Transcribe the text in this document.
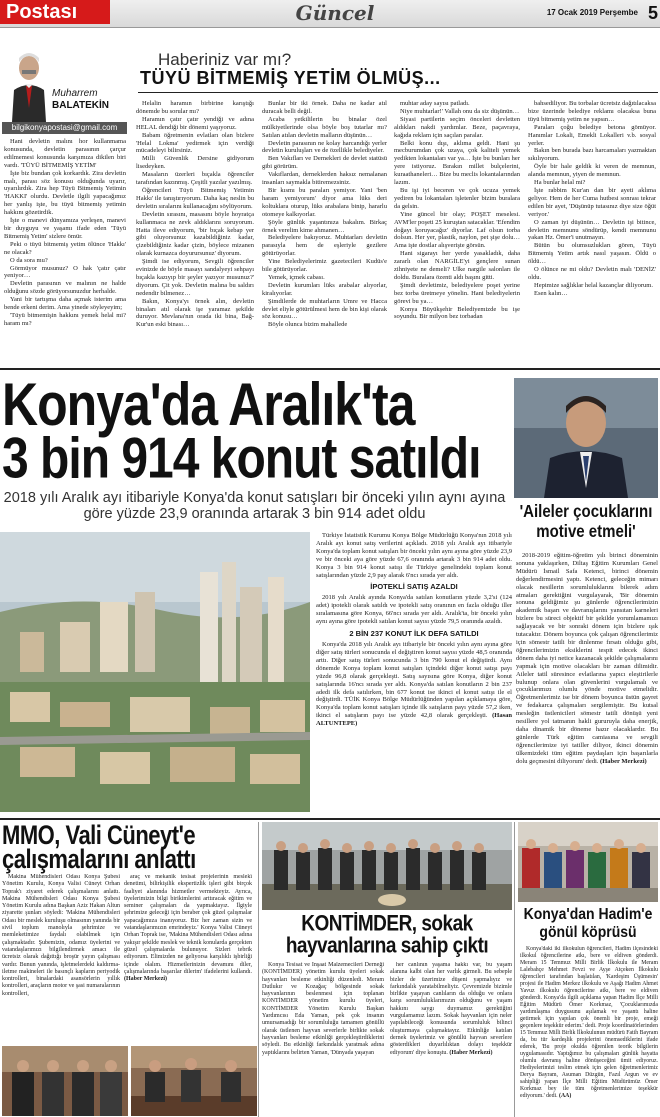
Postası	Güncel	17 Ocak 2019 Perşembe 5
Muharrem
BALATEKİN
bilgikonyapostasi@gmail.com
Haberiniz var mı?
TÜYÜ BİTMEMİŞ YETİM ÖLMÜŞ...

Hani devletin malını hor kullanmama konusunda, devletin parasının çarçur edilmemesi konusunda karşımıza dikilen biri vardı. 'TÜYÜ BİTMEMİŞ YETİM'

İşte biz bundan çok korkardık. Zira devletin malı, parası söz konusu olduğunda uyarır, uyarılırdık. Zira hep Tüyü Bitmemiş Yetimin 'HAKKI' olurdu. Devletle ilgili yapacağımız her yanlış işte, bu tüyü bitmemiş yetimin hakkını gözetirdik.

İşte o manevi dünyamıza yerleşen, manevi bir duyguyu ve yaşamı ifade eden 'Tüyü Bitmemiş Yetim' sizlere ömür.

Peki o tüyü bitmemiş yetim ölünce 'Hakkı' ne olacak?

O da sora mu?

Görmüyor musunuz? O hak 'çatır çatır yeniyor…

Devletin parasının ve malının ne halde olduğunu sözde görüyorsunuzdur herhalde.

Yani bir tartışma daha açmak isterim ama bende erkeni derim. Ama yinede söyleyeyim;

'Tüyü bitmemişin hakkını yemek helal mi? haram mı?

Helalin haramın birbirine karıştığı dönemde bu sorular mı?

Haramın çatır çatır yendiği ve adına HELAL dendiği bir dönemi yaşıyoruz.

Babam öğretmenin evlatları olan bizlere 'Helal Lokma' yedirmek için verdiği mücadeleyi bilirsiniz.

Milli Güvenlik Dersine gidiyorum lisedeyken.

Masaların üzerleri bıçakla öğrenciler tarafından kazınmış. Çeşitli yazılar yazılmış.

Öğrencileri Tüyü Bitmemiş Yetimin Hakkı' ile tanıştırıyorum. Daha kaç neslin bu devletin sıralarını kullanacağını söylüyorum.

Devletin sırasını, masasını böyle hoyratça kullanmaca ne zevk aldıklarını soruyorum. Hatta ileve ediyorum, 'bir bıçak kebap yer gibi oluyorsunuz kazabildiğiniz kadar, çizebildiğiniz kadar çizin, böylece mizanen olarak kurnazca doyurursunuz' diyorum.

Şimdi ise ediyorum, Sevgili öğrenciler evinizde de böyle masayı sandalyeyi sehpayı bıçakla kazıyıp bir şeyler yazıyor musunuz?' diyorum. Çit yok. Devletin malına bu saldırı nedendir bilmenez…

Bakın, Konya'yı örnek alın, devletin binaları atıl olarak işe yaramaz şekilde duruyor. Mevlana'nın orada iki bina, Bağ-Kur'un eski binası…

Bunlar bir iki örnek. Daha ne kadar atıl duracak belli değil.

Acaba yetkililerin bu binalar özel mülkiyetlerinde olsa böyle boş tutarlar mı? Satılan atılan devletin malların düşünün…

Devletin parasının ne kolay harcandığı yerler devletin kuruluşları ve de özellikle belediyeler.

Ben Vakıfları ve Dernekleri de devlet statüsü gibi görürüm.

Vakıflardan, derneklerden haksız nemalanan insanları saymakla bitiremezsiniz.

Bir kısmı bu paraları yemiyor. Yani 'ben haram yemiyorum' diyor ama lüks deri koltuklara oturup, lüks arabalara binip, hararlu otomeye kalkıyorlar.

Şöyle günlük yaşantınıza bakalım. Birkaç örnek verelim kime ahmanen…

Belediyelere bakıyoruz. Muhtarları devletin parasıyla hem de eşleriyle gezilere götürüyorlar.

Yine Belediyelerimiz gazetecileri Kudüs'e bile götürüyorlar.

Yemek, içmek cabası.

Devletin kurumları lüks arabalar alıyorlar, kiralıyorlar.

Şimdilerde de muhtarların Umre ve Hacca devlet eliyle götürülmesi hem de bin kişi olarak söz konusu…

Böyle olunca bizim mahallede

muhtar aday sayısı patladı.

Niye muhtarlar!' Vallah onu da siz düşünün…

Siyasi partilerin seçim önceleri devletten aldıkları nakdi yardımlar. Beze, paçavraya, kağıda reklam için saçılan paralar.

Belki konu dışı, aklıma geldi. Hani şu mecburumdan çok uzaya, çok kaliteli yemek yedikten lokantaları var ya… İşte bu bunları her yere istiyoruz. Bırakın millet bulçelerini, kuraathaneleri… Bize bu meclis lokantalarından lazım.

Bu işi iyi beceren ve çok ucuza yemek yediren bu lokantaları işletenler bizim buralara da gelsin.

Yine güncel bir olay; POŞET meselesi. AVM'ler poşeti 25 kuruştan satacaklar. 'Efendim doğayı koruyacağız' diyorlar. Laf olsun torba dolsun. Her yer, plastik, naylon, pet şişe dolu… Ama işte dostlar alışverişte görsün.

Hani sigarayı her yerde yasakladık, daha zararlı olan NARGİLE'yi gençlere sunan zihniyete ne demeli? Ulke nargile salonları ile doldu. Buralara özenti aldı başını gitti.

Şimdi devletimiz, belediyelere poşet yerine bez torba üretmeye yönelin. Hani belediyelerin görevi bu ya…

Konya Büyükşehir Belediyemizde bu işe soyundu. Bir milyon bez torbadan

bahsediliyor. Bu torbalar ücretsiz dağıtılacaksa bize üzerinde belediye reklamı olacaksa buna tüyü bitmemiş yetim ne yapsın…

Paraları çoğu belediye betona gömüyor. Hanımlar Lokali, Emekli Lokalleri v.b. sosyal yerler.

Bakın ben burada bazı harcamaları yazmaktan sıkılıyorum.

Öyle bir hale geldik ki veren de memnun, alanda memnun, yiyen de memnun.

Ha bunlar helal mi?

İşte rabbim Kur'an dan bir ayeti aklıma geliyor. Hem de her Cuma hutbesi sonrası tekrar edilen bir ayet, 'Düşünüp tutasınız diye size öğüt veriyor.'

O zaman iyi düşünün… Devletin işi bitince, devletin memnunu söndürüp, kendi memnunu yakan Hz. Ömer'i unutmayın.

Bütün bu olumsuzlukları gören, Tüyü Bitmemiş Yetim artık nasıl yaşasın. Öldü o öldü…

O ölünce ne mi oldu? Devletin malı 'DENİZ' oldu.

Hepimize sağlıklar helal kazançlar diliyorum.

Esen kalın…

Konya'da Aralık'ta
3 bin 914 konut satıldı
2018 yılı Aralık ayı itibariyle Konya'da konut satışları bir önceki yılın aynı ayına göre yüzde 23,9 oranında artarak 3 bin 914 adet oldu

Türkiye İstatistik Kurumu Konya Bölge Müdürlüğü Konya'nın 2018 yılı Aralık ayı konut satış verilerini açıkladı. 2018 yılı Aralık ayı itibariyle Konya'da toplam konut satışları bir önceki yılın aynı ayına göre yüzde 23,9 ve bir önceki aya göre yüzde 67,6 oranında artarak 3 bin 914 adet oldu. Konya 3 bin 914 konut satışı ile Türkiye genelindeki toplam konut satışlarından yüzde 2,9 pay alarak 6'ncı sırada yer aldı.

İPOTEKLİ SATIŞ AZALDI

2018 yılı Aralık ayında Konya'da satılan konutların yüzde 3,2'si (124 adet) ipotekli olarak satıldı ve ipotekli satış oranının en fazla olduğu iller sıralamasına göre Konya, 66'ncı sırada yer aldı. Aralık'ta, bir önceki yılın aynı ayına göre ipotekli satılan konut sayısı yüzde 79,5 oranında azaldı.

2 BİN 237 KONUT İLK DEFA SATILDI

Konya'da 2018 yılı Aralık ayı itibariyle bir önceki yılın aynı ayına göre diğer satış türleri sonucunda el değiştiren konut sayısı yüzde 48,5 oranında arttı. Diğer satış türleri sonucunda 3 bin 790 konut el değiştirdi. Aynı dönemde Konya toplam konut satışları içindeki diğer konut satışı payı yüzde 96,8 olarak gerçekleşti. Satış sayısına göre Konya, diğer konut satışlarında 16'ncı sırada yer aldı. Konya'da satılan konutların 2 bin 237 adedi ilk defa satılırken, bin 677 konut ise ikinci el konut satışı ile el değiştirdi. TÜİK Konya Bölge Müdürlüğünden yapılan açıklamaya göre, Konya'da toplam konut satışları içinde ilk satışların payı yüzde 57,2 iken, ikinci el satışların payı ise yüzde 42,8 olarak gerçekleşti. (Hasan ALTUNTEPE)

'Aileler çocuklarını
motive etmeli'

2018-2019 eğitim-öğretim yılı birinci döneminin sonuna yaklaşırken, Diltaş Eğitim Kurumları Genel Müdürü İsmail Safa Ketenci, birinci dönemin değerlendirmesini yaptı. Ketenci, geleceğin mimarı olacak nesillerin sorumluluklarını bilerek adım atmaları gerektiğini vurgulayarak, 'Bir dönemin sonuna geldiğimiz şu günlerde öğrencilerimizin akademik başarı ve davranışlarını yansıtan karneleri bizlere bu süreci objektif bir şekilde yorumlamamızı sağlayacak ve bir sonraki dönem için bizlere ışık tutacaktır. Dönem boyunca çok çalışan öğrencilerimiz için sömestr tatili bir dinlenme fırsatı olduğu gibi, öğrencilerimizin eksiklerini tespit edecek ikinci dönem daha iyi netice kazanacak şekilde çalışmalarını yapmak için motive olacakları bir zaman dilimidir. Aileler tatil süresince evlatlarına yapıcı eleştirilerle bulunup onlara olan güvenlerini vurgulamalı ve çocuklarımızı olumlu yönde motive etmelidir. Öğretmenlerimiz ise bir dönem boyunca üstün gayret ve fedakarca çalışmaları sergilemiştir. Bu kutsal mesleğin üstlenicileri sömestr tatili dönüşü yeni nesillere yol tatmanın hakli gururuyla daha enerjik, daha dinamik bir döneme hazır olacaklardır. Bu günlerde Türk eğitim camiasına ve sevgili öğrencilerimize iyi tatiller diliyor, ikinci dönemin ülkemizdeki tüm eğitim paydaşları için başarılarla dolu geçmesini diliyorum' dedi. (Haber Merkezi)

MMO, Vali Cüneyt'e
çalışmalarını anlattı

Makina Mühendisleri Odası Konya Şubesi Yönetim Kurulu, Konya Valisi Cüneyt Orhan Toprak'ı ziyaret ederek çalışmalarını anlattı. Makina Mühendisleri Odası Konya Şubesi Yönetim Kurulu adına Başkan Aziz Hakan Altun ziyarette şunları söyledi: 'Makina Mühendisleri Odası bir meslek kuruluşu olmasının yanında bir sivil toplum manolıyla şehrimize ve memleketimize faydalı olabilmek için çalışmaktadır. Şubemizin, odamız üyelerini ve vatandaşlarımızı bilgilendirmek amacı ile ücretsiz olarak dağıttığı broşür yayın çalışması vardır. Bunun yanında, işletmelerdeki kaldırma-iletme makineleri ile basınçlı kapların periyodik kontrolleri, binalardaki asansörlerin yıllık kontrolleri, araçların motor ve şasi numaralarının kontrolleri,

araç ve mekanik tesisat projelerinin meslekî denetimi, bilirkişilik ekspertizlik işleri gibi birçok faaliyet alanında hizmetler vermekteyiz. Ayrıca, üyelerimizin bilgi birikimlerini arttıracak eğitim ve seminer çalışmaları da yapmaktayız. İlgiyle şehrimize geleceği için beraber çok güzel çalışmalar yapacağımıza inanıyoruz. Biz her zaman sizin ve vatandaşlarımızın emrindeyiz.' Konya Valisi Cüneyt Orhan Toprak ise, 'Makina Mühendisleri Odası adına yakışır şekilde meslek ve teknik konularda gerçekten güzel çalışmalarda bulunuyor. Sizleri tebrik ediyorum. Elimizden ne geliyorsa karşılıklı işbirliği içinde olalım. Hizmetlerinizin devamını diler, çalışmalarında başarılar dilerim' ifadelerini kullandı. (Haber Merkezi)

KONTİMDER, sokak
hayvanlarına sahip çıktı

Konya Tesisat ve İnşaat Malzemecileri Derneği (KONTİMDER) yönetim kurulu üyeleri sokak hayvanları besleme etkinliği düzenledi. Meram Dutlukır ve Kozağaç bölgesinde sokak hayvanlarının beslenmesi için toplanan KONTİMDER yönetim kurulu üyeleri, KONTİMDER Yönetim Kurulu Başkan Yardımcısı Eda Yaman, pek çok insanın umursamadığı bir sorumluluğu tamamen gönüllü olarak üstlenen hayvan severlerle birlikte sokak hayvanları besleme etkinliği gerçekleştirdiklerini söyledi. Bu etkinliği farkındalık yaratmak adına yaptıklarını belirten Yaman, 'Dünyada yaşayan

her canlının yaşama hakkı var, bu yaşam alanına kalbi olan her varlık girmeli. Bu sebeple bizler de üzerimize düşeni yapmalıyız ve farkındalık yaratabilmeliyiz. Çevremizde bizimle birlikte yaşayan canlıların da olduğu ve onlara karşı sorumluluklarımızın olduğunu ve yaşam hakkını saygı duymamız gerektiğini vurgulamamız lazım. Sokak hayvanları için neler yapılabileceği konusunda sorumluluk bilinci oluşturmaya çalışmaktayız. Etkinliğe katılan dernek üyelerimiz ve gönüllü hayvan severlere gösterdikleri duyarlılıktan dolayı teşekkür ediyorum' diye konuştu. (Haber Merkezi)

Konya'dan Hadim'e
gönül köprüsü

Konya'daki iki ilkokulun öğrencileri, Hadim ilçesindeki ilkokul öğrencilerine atkı, bere ve eldiven gönderdi. Meram 15 Temmuz Milli Birlik İlkokulu ile Meram Lalebahçe Mehmet Fevzi ve Ayşe Atçeken İlkokulu öğrencileri tarafından başlatılan, 'Kardeşim Üşümesin' projesi ile Hadim Merkez ilkokulu ve Aşağı Hadim Ahmet Yavuz ilkokulu öğrencilerine atkı, bere ve eldiven gönderdi. Konya'da ilgili açıklama yapan Hadim İlçe Milli Eğitim Müdürü Ömer Korkmaz, 'Çocuklarımızda yardımlaşma duygusunu aşılamak ve yaşantı haline getirmek için yapılan çok önemli bir proje, emeği geçenlere teşekkür ederim.' dedi. Proje koordinatörlerinden 15 Temmuz Milli Birlik İlkokulunun müdürü Fatih Bayram da, bu tür kardeşlik projelerini önemsediklerini ifade ederek, 'Bu proje okulda öğrenilen teorik bilgilerin uygulamasıdır. Yaptığımız bu çalışmaları günlük hayatta olumlu davranış haline dönüşeceğini ümit ediyoruz. Hediyelerimizi teslim etmek için gelen öğretmenlerimiz Derya Bayram, Asuman Düzgün, Fazıl Argun ve ev sahipliği yapan İlçe Milli Eğitim Müdürümüz Ömer Korkmaz bey ile tüm öğretmenlerimize teşekkür ediyorum.' dedi. (AA)
